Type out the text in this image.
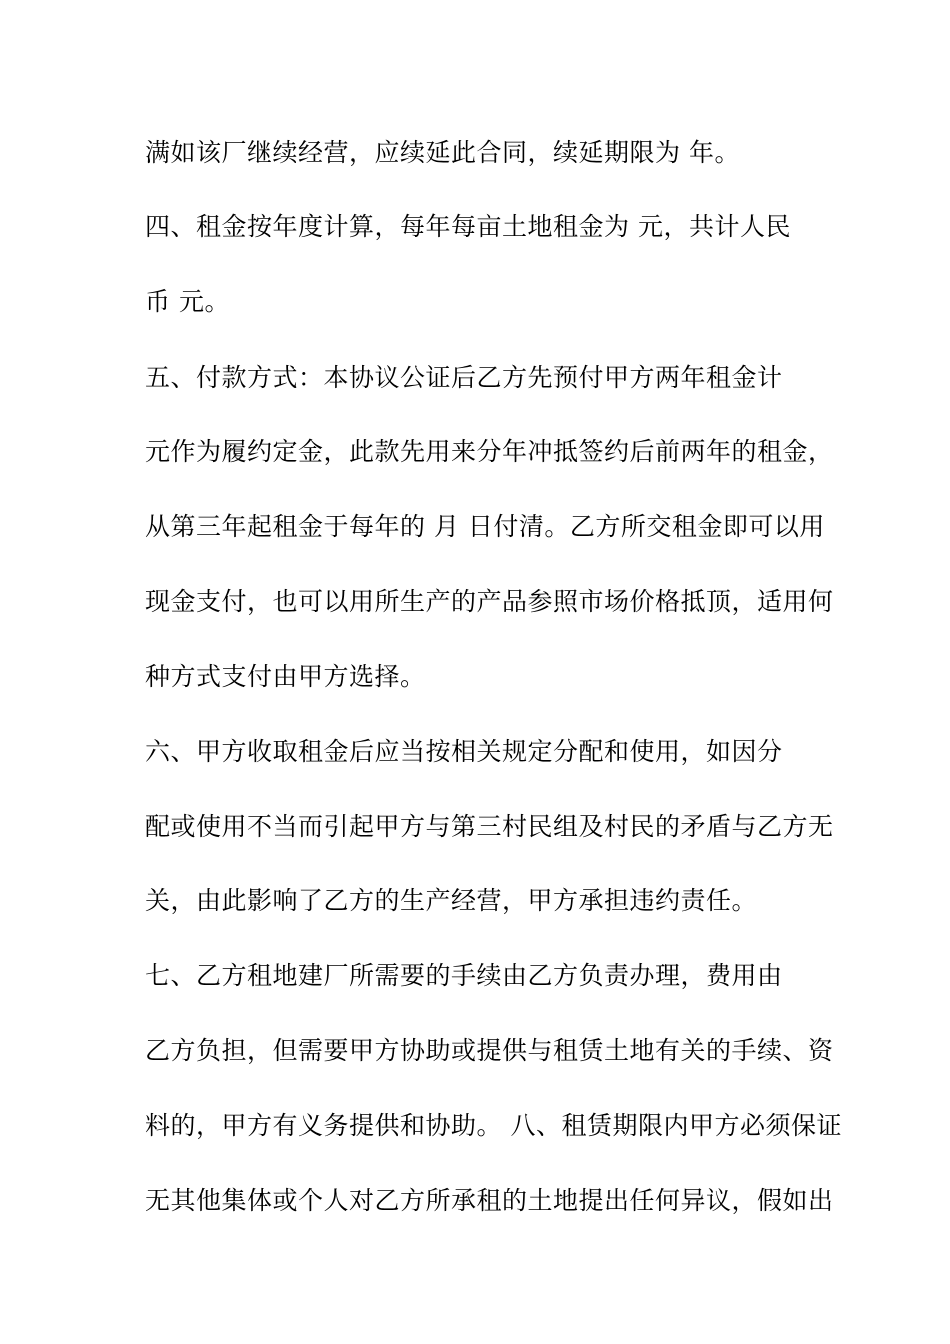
满如该厂继续经营，应续延此合同，续延期限为 年。
四、租金按年度计算，每年每亩土地租金为 元，共计人民
币 元。
五、付款方式：本协议公证后乙方先预付甲方两年租金计
元作为履约定金，此款先用来分年冲抵签约后前两年的租金，
从第三年起租金于每年的 月 日付清。乙方所交租金即可以用
现金支付，也可以用所生产的产品参照市场价格抵顶，适用何
种方式支付由甲方选择。
六、甲方收取租金后应当按相关规定分配和使用，如因分
配或使用不当而引起甲方与第三村民组及村民的矛盾与乙方无
关，由此影响了乙方的生产经营，甲方承担违约责任。
七、乙方租地建厂所需要的手续由乙方负责办理，费用由
乙方负担，但需要甲方协助或提供与租赁土地有关的手续、资
料的，甲方有义务提供和协助。 八、租赁期限内甲方必须保证
无其他集体或个人对乙方所承租的土地提出任何异议，假如出
